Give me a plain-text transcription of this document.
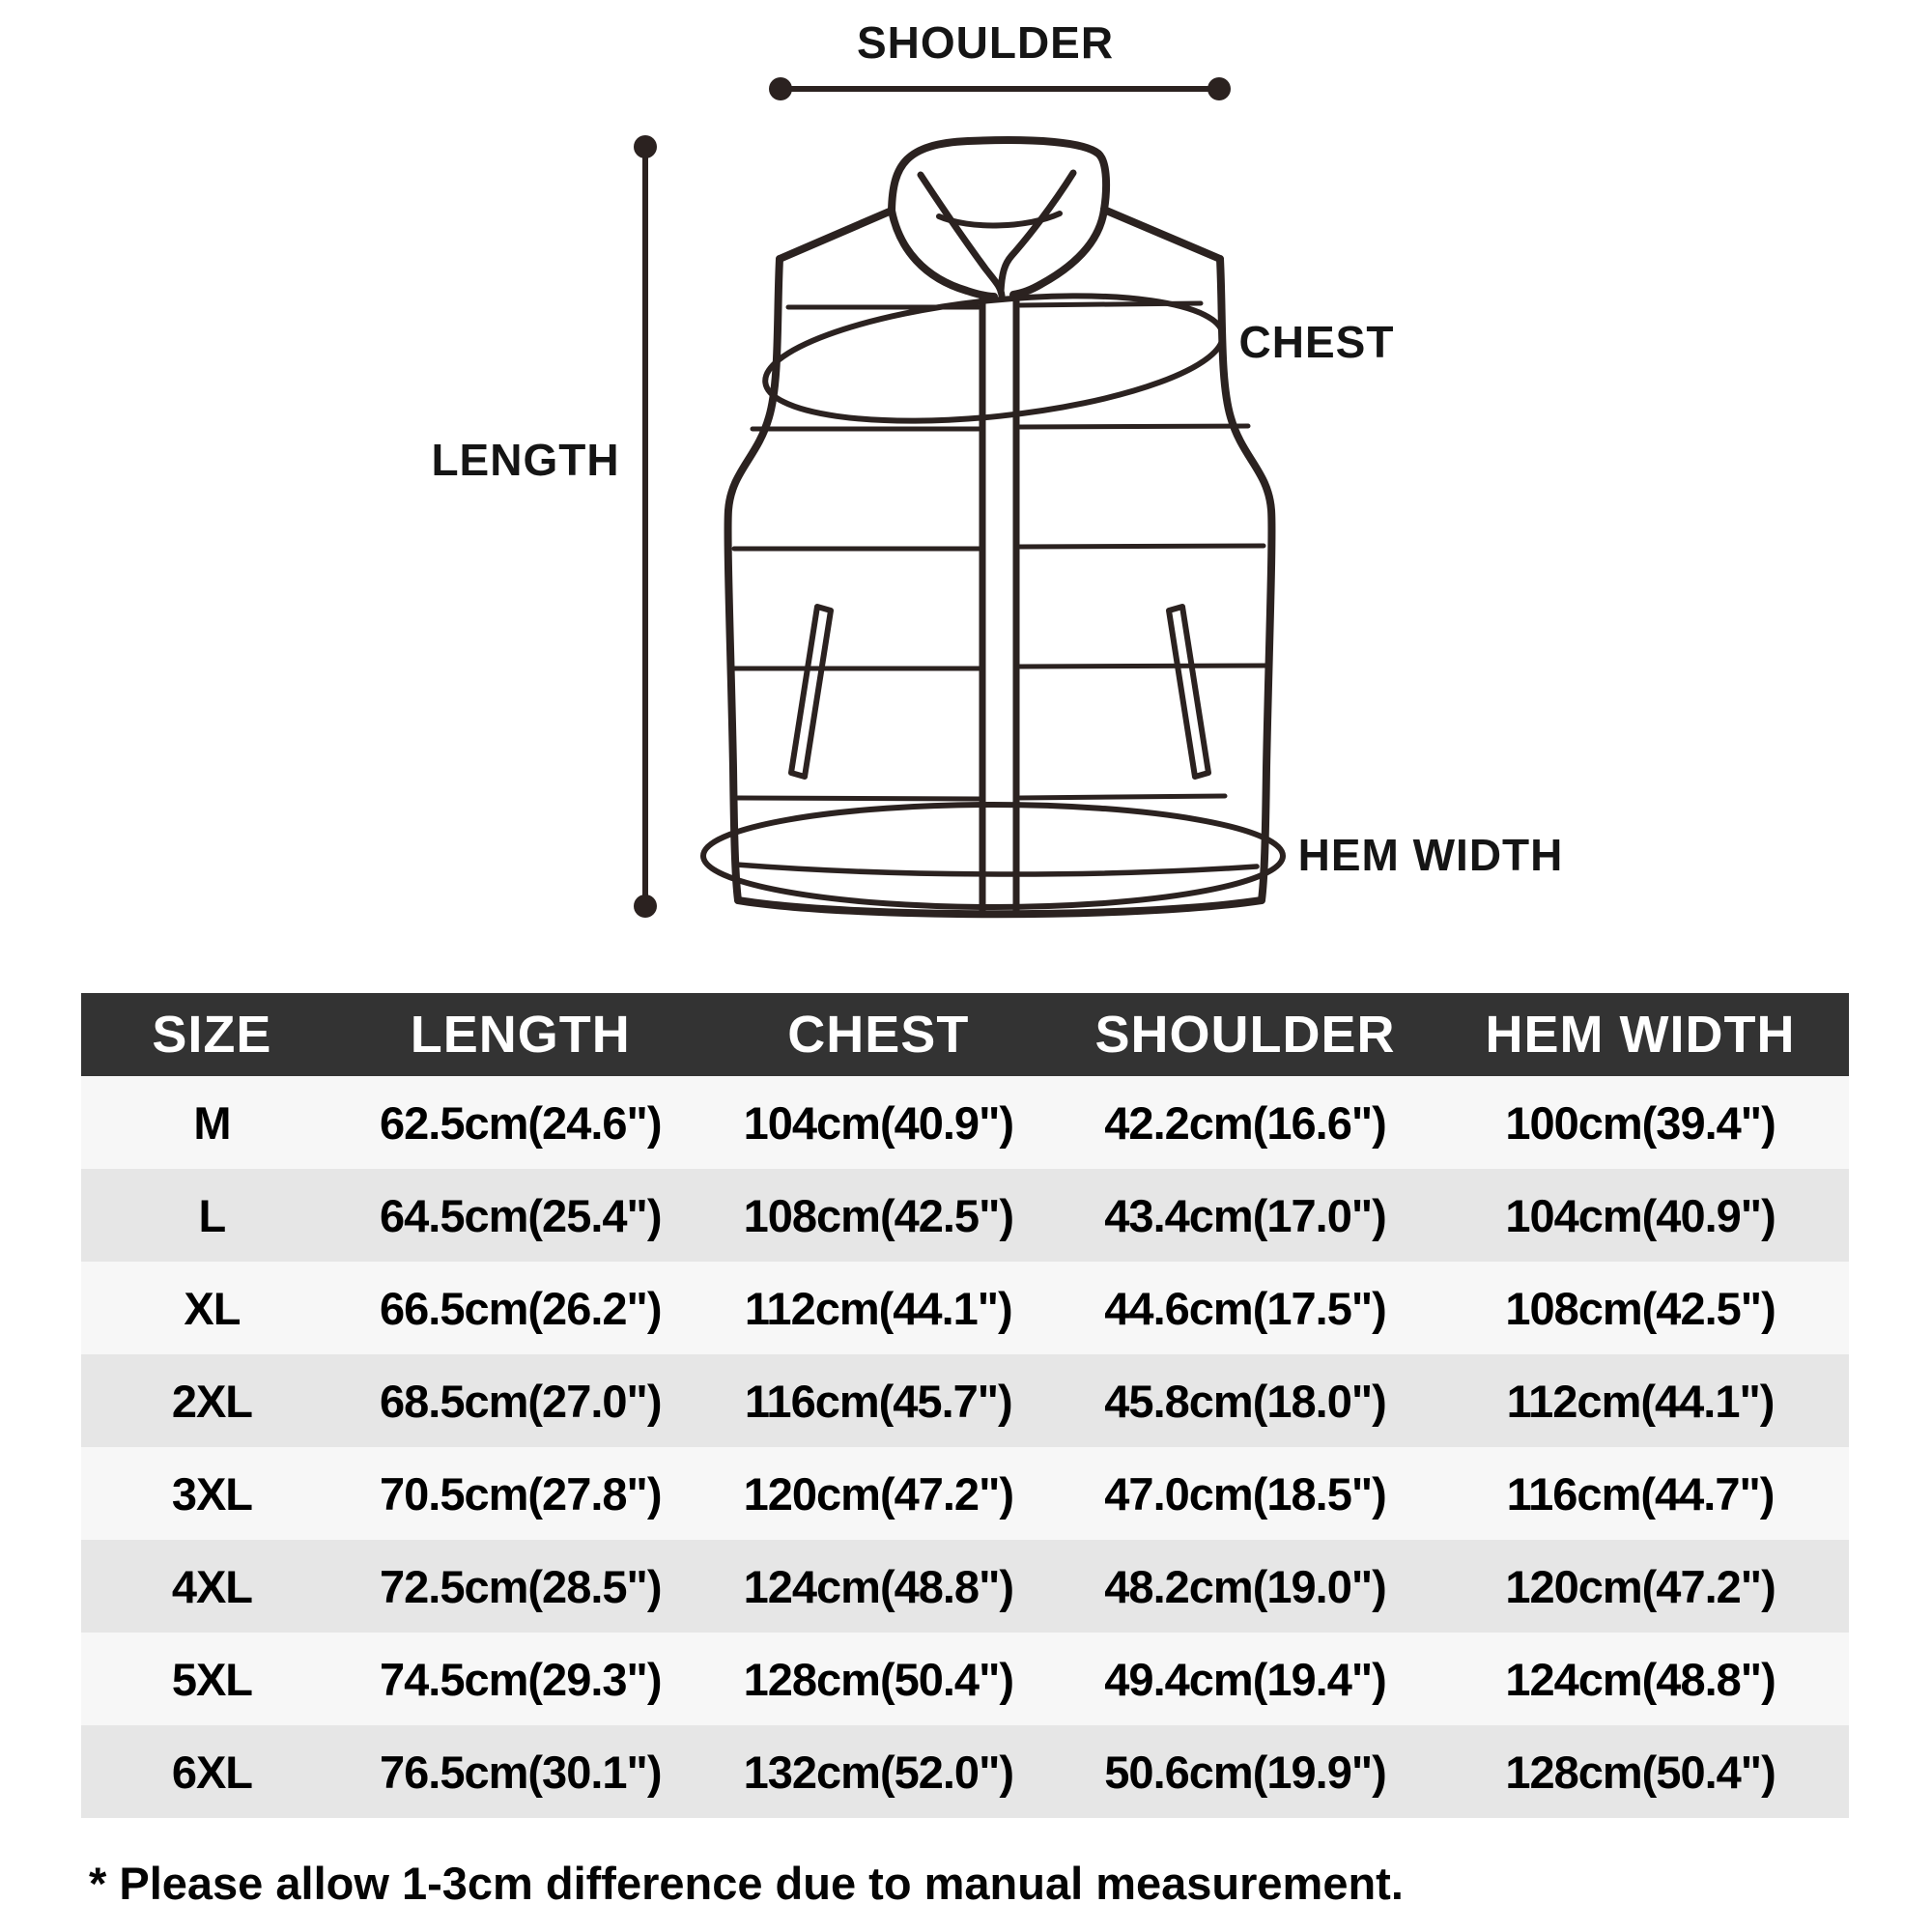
SHOULDER
LENGTH
CHEST
HEM WIDTH
SIZE	LENGTH	CHEST	SHOULDER	HEM WIDTH
M	62.5cm(24.6")	104cm(40.9")	42.2cm(16.6")	100cm(39.4")
L	64.5cm(25.4")	108cm(42.5")	43.4cm(17.0")	104cm(40.9")
XL	66.5cm(26.2")	112cm(44.1")	44.6cm(17.5")	108cm(42.5")
2XL	68.5cm(27.0")	116cm(45.7")	45.8cm(18.0")	112cm(44.1")
3XL	70.5cm(27.8")	120cm(47.2")	47.0cm(18.5")	116cm(44.7")
4XL	72.5cm(28.5")	124cm(48.8")	48.2cm(19.0")	120cm(47.2")
5XL	74.5cm(29.3")	128cm(50.4")	49.4cm(19.4")	124cm(48.8")
6XL	76.5cm(30.1")	132cm(52.0")	50.6cm(19.9")	128cm(50.4")
* Please allow 1-3cm difference due to manual measurement.
